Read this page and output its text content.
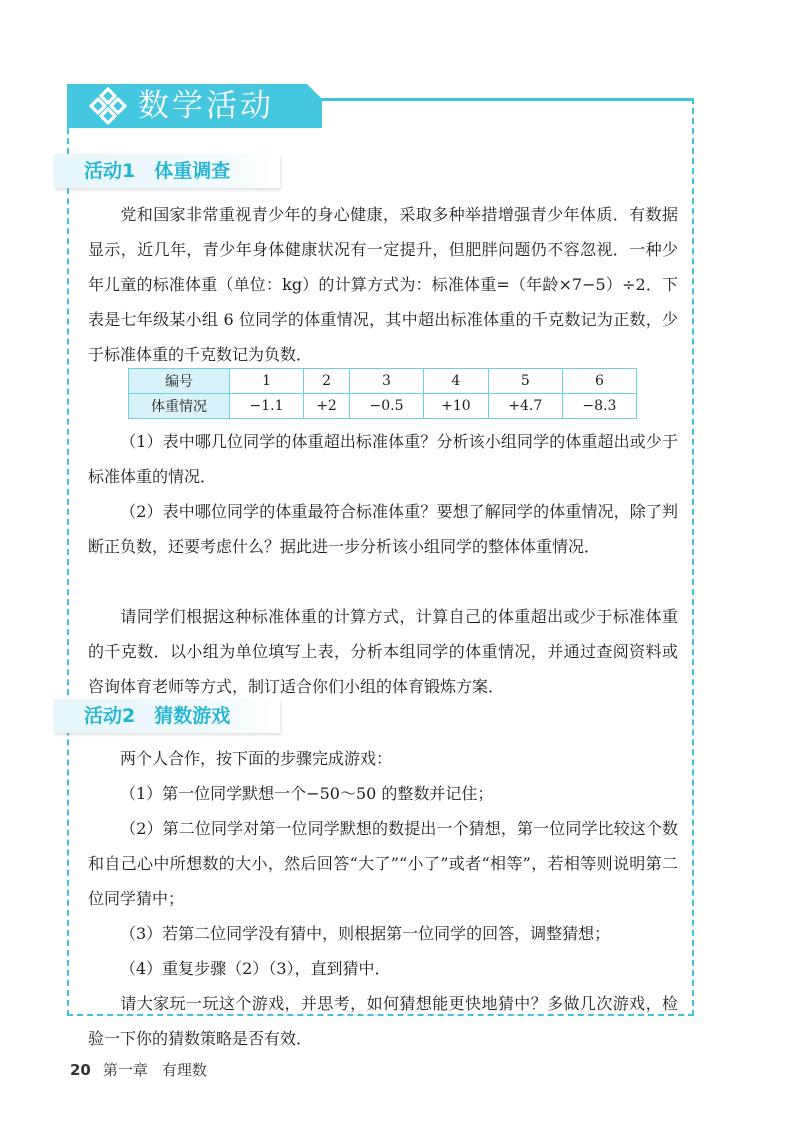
数学活动
活动1　体重调查
党和国家非常重视青少年的身心健康，采取多种举措增强青少年体质．有数据显示，近几年，青少年身体健康状况有一定提升，但肥胖问题仍不容忽视．一种少年儿童的标准体重（单位：kg）的计算方式为：标准体重=（年龄×7−5）÷2．下表是七年级某小组 6 位同学的体重情况，其中超出标准体重的千克数记为正数，少于标准体重的千克数记为负数．
编号	1	2	3	4	5	6
体重情况	−1.1	+2	−0.5	+10	+4.7	−8.3
（1）表中哪几位同学的体重超出标准体重？分析该小组同学的体重超出或少于标准体重的情况．
（2）表中哪位同学的体重最符合标准体重？要想了解同学的体重情况，除了判断正负数，还要考虑什么？据此进一步分析该小组同学的整体体重情况．
请同学们根据这种标准体重的计算方式，计算自己的体重超出或少于标准体重的千克数．以小组为单位填写上表，分析本组同学的体重情况，并通过查阅资料或咨询体育老师等方式，制订适合你们小组的体育锻炼方案．
活动2　猜数游戏
两个人合作，按下面的步骤完成游戏：
（1）第一位同学默想一个−50～50 的整数并记住；
（2）第二位同学对第一位同学默想的数提出一个猜想，第一位同学比较这个数和自己心中所想数的大小，然后回答“大了”“小了”或者“相等”，若相等则说明第二位同学猜中；
（3）若第二位同学没有猜中，则根据第一位同学的回答，调整猜想；
（4）重复步骤（2）（3），直到猜中．
请大家玩一玩这个游戏，并思考，如何猜想能更快地猜中？多做几次游戏，检验一下你的猜数策略是否有效．
20 第一章 有理数
